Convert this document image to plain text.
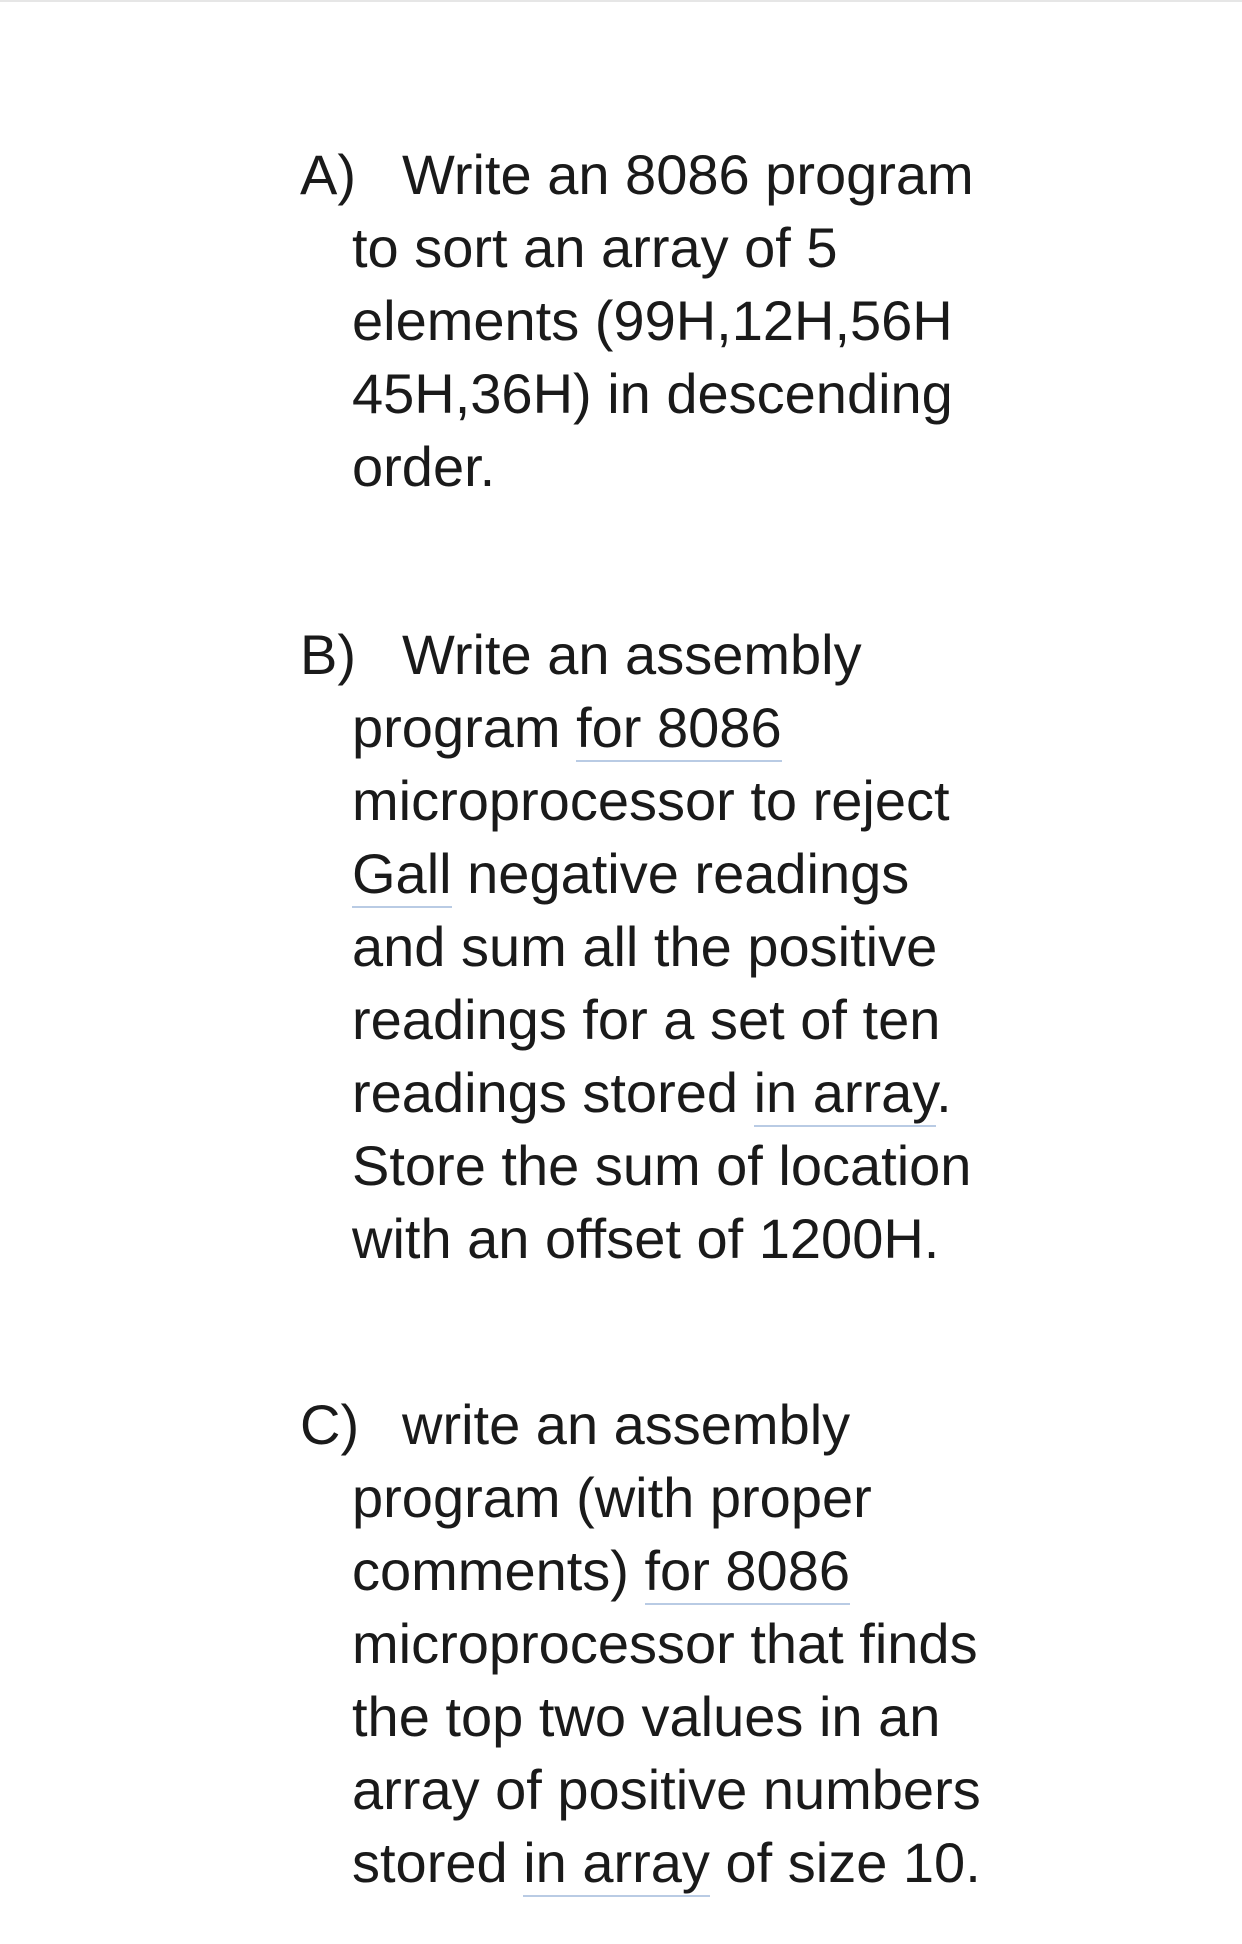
A) Write an 8086 program
to sort an array of 5
elements (99H,12H,56H
45H,36H) in descending
order.
B) Write an assembly
program for 8086
microprocessor to reject
Gall negative readings
and sum all the positive
readings for a set of ten
readings stored in array.
Store the sum of location
with an offset of 1200H.
C) write an assembly
program (with proper
comments) for 8086
microprocessor that finds
the top two values in an
array of positive numbers
stored in array of size 10.
